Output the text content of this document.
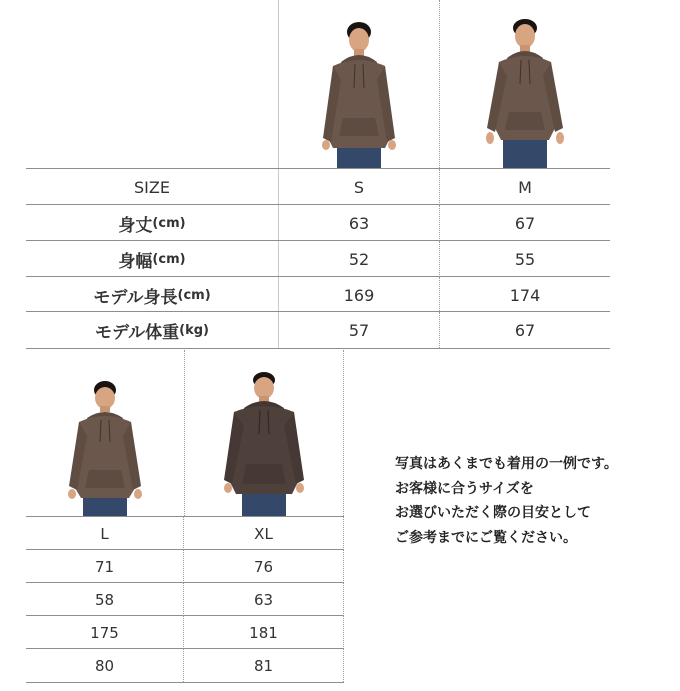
SIZE	S	M
身丈 (cm)	63	67
身幅 (cm)	52	55
モデル身長 (cm)	169	174
モデル体重 (kg)	57	67
L	XL
71	76
58	63
175	181
80	81
写真はあくまでも着用の一例です。
お客様に合うサイズを
お選びいただく際の目安として
ご参考までにご覧ください。
